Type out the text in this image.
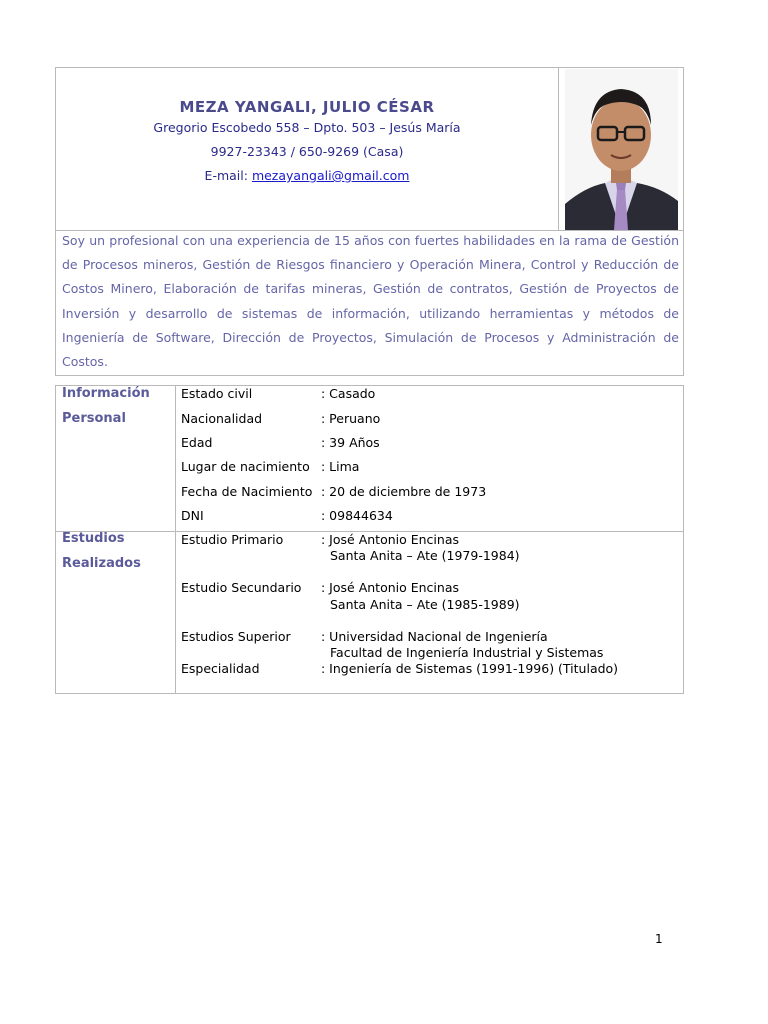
MEZA YANGALI, JULIO CÉSAR
Gregorio Escobedo 558 – Dpto. 503 – Jesús María
9927-23343 / 650-9269 (Casa)
E-mail: mezayangali@gmail.com
Soy un profesional con una experiencia de 15 años con fuertes habilidades en la rama de Gestión de Procesos mineros, Gestión de Riesgos financiero y Operación Minera, Control y Reducción de Costos Minero, Elaboración de tarifas mineras, Gestión de contratos, Gestión de Proyectos de Inversión y desarrollo de sistemas de información, utilizando herramientas y métodos de Ingeniería de Software, Dirección de Proyectos, Simulación de Procesos y Administración de Costos.
Información
Personal
Estado civil	: Casado
Nacionalidad	: Peruano
Edad	: 39 Años
Lugar de nacimiento : Lima
Fecha de Nacimiento : 20 de diciembre de 1973
DNI	: 09844634
Estudios
Realizados
Estudio Primario	: José Antonio Encinas
Santa Anita – Ate (1979-1984)
Estudio Secundario : José Antonio Encinas
Santa Anita – Ate (1985-1989)
Estudios Superior : Universidad Nacional de Ingeniería
Facultad de Ingeniería Industrial y Sistemas
Especialidad	: Ingeniería de Sistemas (1991-1996) (Titulado)
1
